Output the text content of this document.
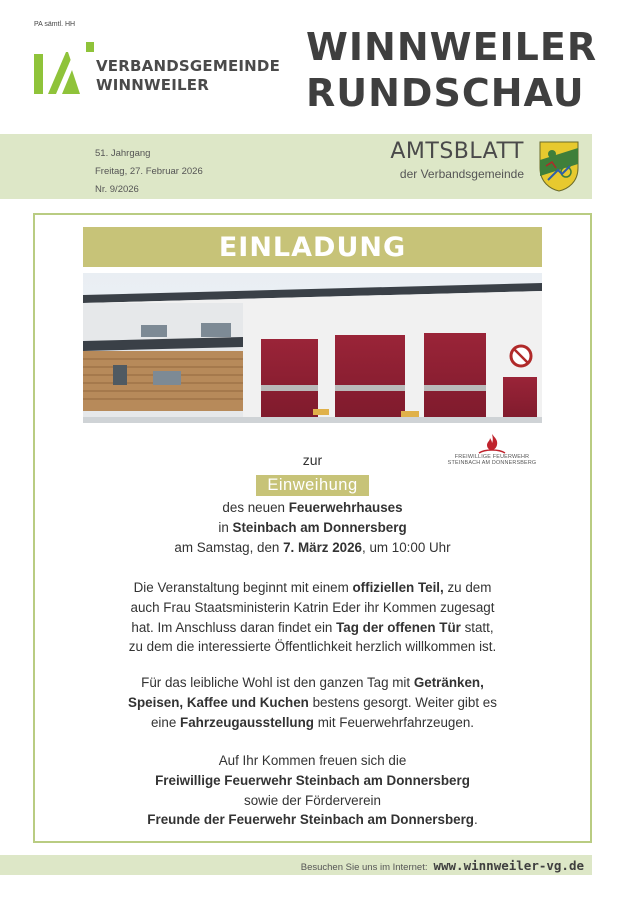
PA sämtl. HH
VERBANDSGEMEINDE
WINNWEILER
WINNWEILER
RUNDSCHAU
51. Jahrgang
Freitag, 27. Februar 2026
Nr. 9/2026
AMTSBLATT
der Verbandsgemeinde
EINLADUNG
FREIWILLIGE FEUERWEHR
STEINBACH AM DONNERSBERG
zur
Einweihung
des neuen Feuerwehrhauses
in Steinbach am Donnersberg
am Samstag, den 7. März 2026, um 10:00 Uhr
Die Veranstaltung beginnt mit einem offiziellen Teil, zu dem
auch Frau Staatsministerin Katrin Eder ihr Kommen zugesagt
hat. Im Anschluss daran findet ein Tag der offenen Tür statt,
zu dem die interessierte Öffentlichkeit herzlich willkommen ist.
Für das leibliche Wohl ist den ganzen Tag mit Getränken,
Speisen, Kaffee und Kuchen bestens gesorgt. Weiter gibt es
eine Fahrzeugausstellung mit Feuerwehrfahrzeugen.
Auf Ihr Kommen freuen sich die
Freiwillige Feuerwehr Steinbach am Donnersberg
sowie der Förderverein
Freunde der Feuerwehr Steinbach am Donnersberg.
Besuchen Sie uns im Internet: www.winnweiler-vg.de
